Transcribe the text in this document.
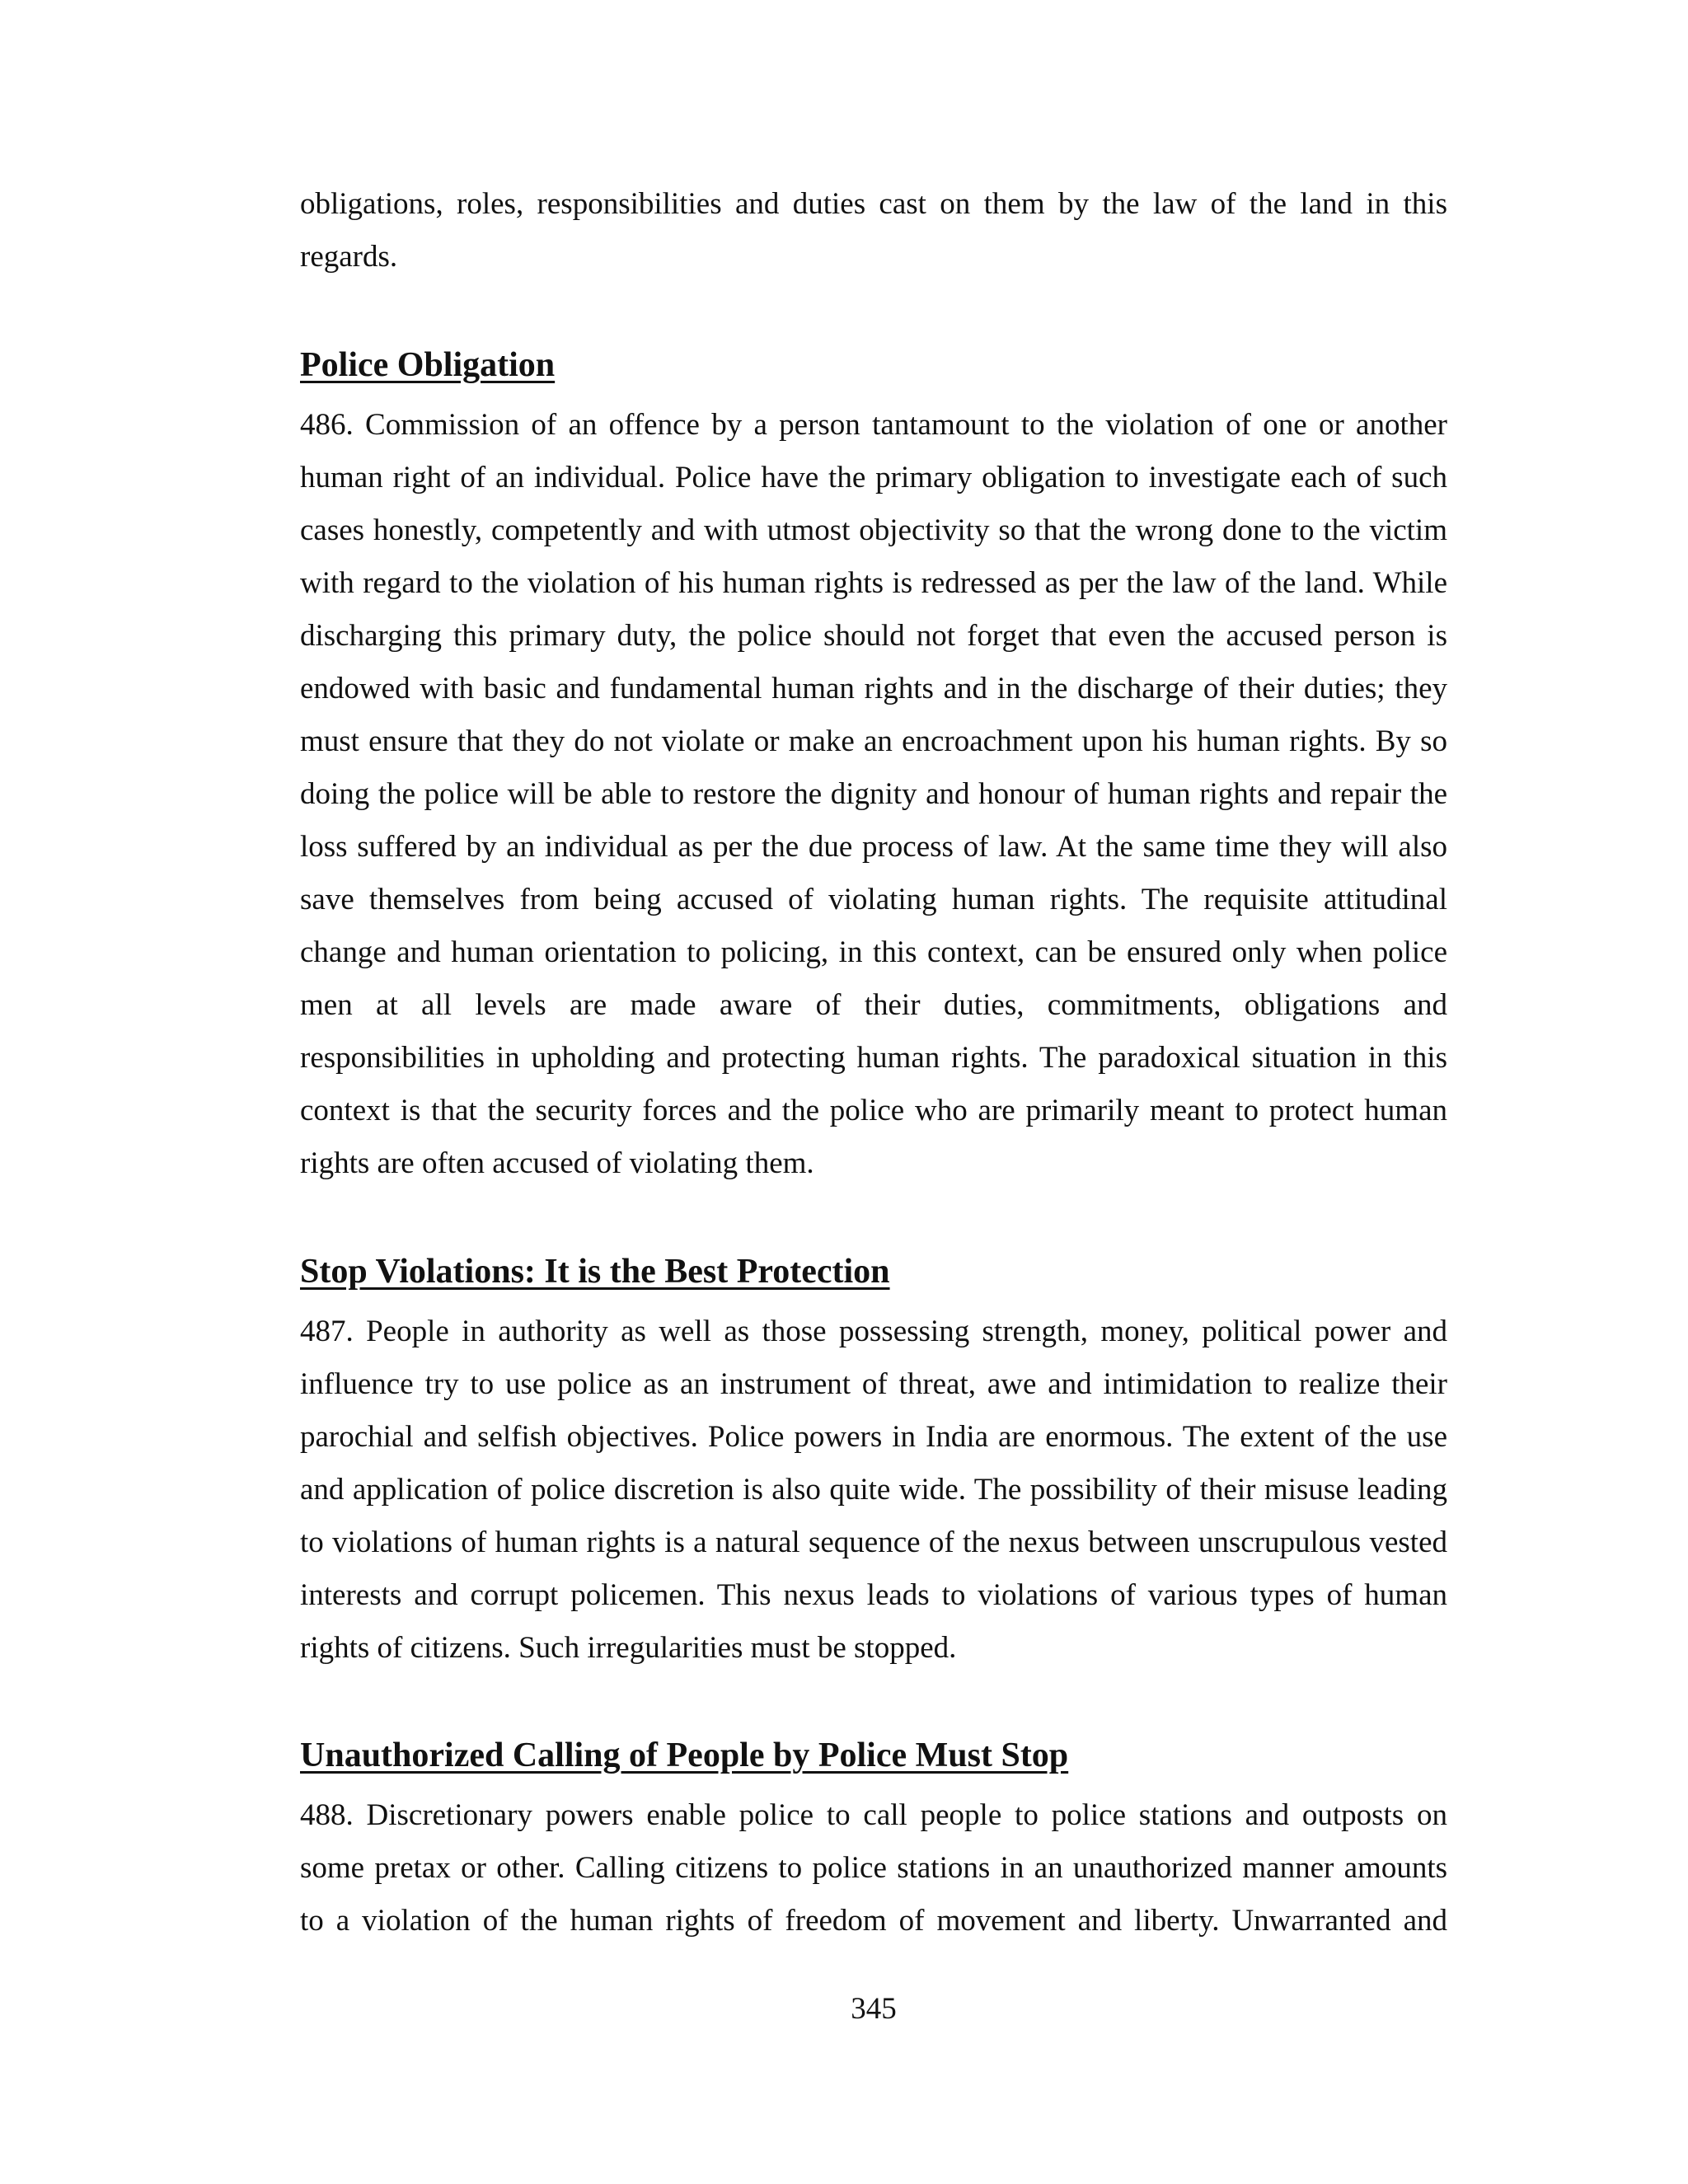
obligations, roles, responsibilities and duties cast on them by the law of the land in this
regards.
Police Obligation
486. Commission of an offence by a person tantamount to the violation of one or another
human right of an individual. Police have the primary obligation to investigate each of such
cases honestly, competently and with utmost objectivity so that the wrong done to the victim
with regard to the violation of his human rights is redressed as per the law of the land. While
discharging this primary duty, the police should not forget that even the accused person is
endowed with basic and fundamental human rights and in the discharge of their duties; they
must ensure that they do not violate or make an encroachment upon his human rights. By so
doing the police will be able to restore the dignity and honour of human rights and repair the
loss suffered by an individual as per the due process of law. At the same time they will also
save themselves from being accused of violating human rights. The requisite attitudinal
change and human orientation to policing, in this context, can be ensured only when police
men at all levels are made aware of their duties, commitments, obligations and
responsibilities in upholding and protecting human rights. The paradoxical situation in this
context is that the security forces and the police who are primarily meant to protect human
rights are often accused of violating them.
Stop Violations: It is the Best Protection
487. People in authority as well as those possessing strength, money, political power and
influence try to use police as an instrument of threat, awe and intimidation to realize their
parochial and selfish objectives. Police powers in India are enormous. The extent of the use
and application of police discretion is also quite wide. The possibility of their misuse leading
to violations of human rights is a natural sequence of the nexus between unscrupulous vested
interests and corrupt policemen. This nexus leads to violations of various types of human
rights of citizens. Such irregularities must be stopped.
Unauthorized Calling of People by Police Must Stop
488. Discretionary powers enable police to call people to police stations and outposts on
some pretax or other. Calling citizens to police stations in an unauthorized manner amounts
to a violation of the human rights of freedom of movement and liberty. Unwarranted and
345
